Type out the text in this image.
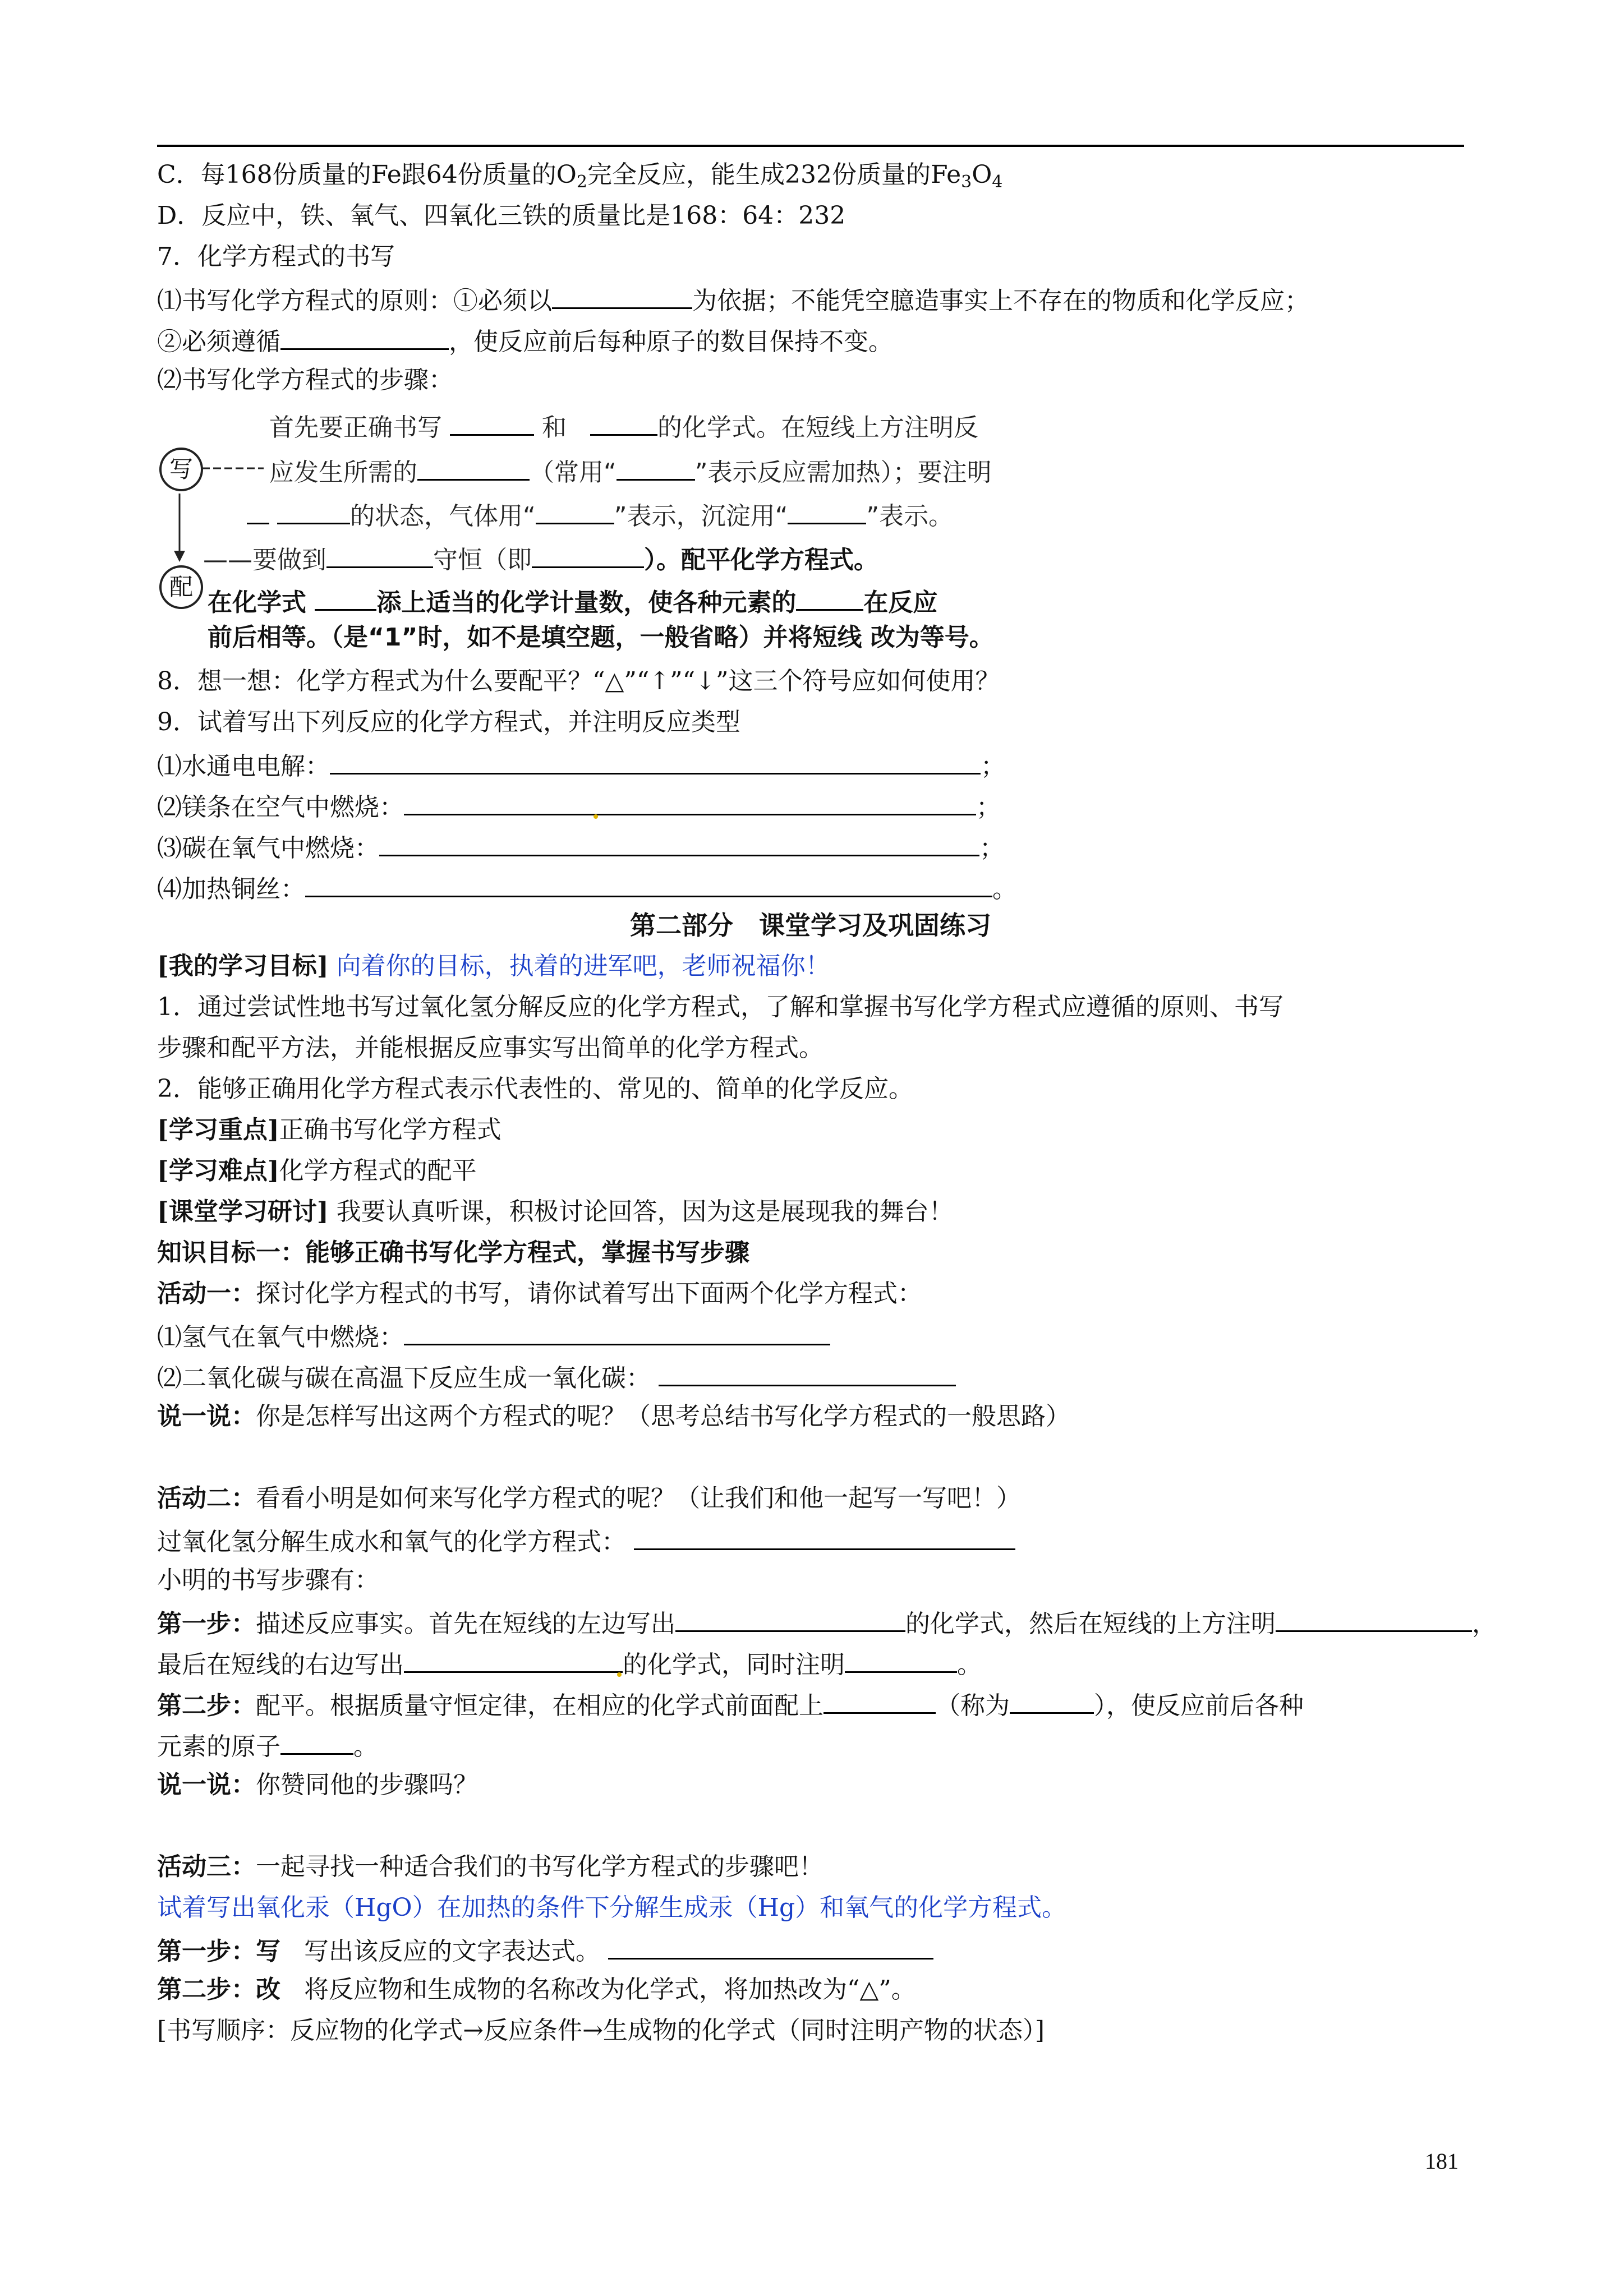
C．每168份质量的Fe跟64份质量的$O_2$完全反应，能生成232份质量的$Fe_3O_4$
D．反应中，铁、氧气、四氧化三铁的质量比是168：64：232
7．化学方程式的书写
⑴书写化学方程式的原则：①必须以	为依据；不能凭空臆造事实上不存在的物质和化学反应；
②必须遵循	，使反应前后每种原子的数目保持不变。
⑵书写化学方程式的步骤：
写
配
首先要正确书写	和	的化学式。在短线上方注明反
应发生所需的	（常用“	”表示反应需加热）；要注明
的状态，气体用“	”表示，沉淀用“	”表示。
——要做到	守恒（即	）。配平化学方程式。
在化学式	添上适当的化学计量数，使各种元素的	在反应
前后相等。（是“1”时，如不是填空题，一般省略）并将短线 改为等号。
8．想一想：化学方程式为什么要配平？“△”“↑”“↓”这三个符号应如何使用？
9．试着写出下列反应的化学方程式，并注明反应类型
⑴水通电电解：	；
⑵镁条在空气中燃烧：	；
⑶碳在氧气中燃烧：	；
⑷加热铜丝：	。
第二部分　课堂学习及巩固练习
[我的学习目标] 向着你的目标，执着的进军吧，老师祝福你！
1．通过尝试性地书写过氧化氢分解反应的化学方程式，了解和掌握书写化学方程式应遵循的原则、书写
步骤和配平方法，并能根据反应事实写出简单的化学方程式。
2．能够正确用化学方程式表示代表性的、常见的、简单的化学反应。
[学习重点]正确书写化学方程式
[学习难点]化学方程式的配平
[课堂学习研讨] 我要认真听课，积极讨论回答，因为这是展现我的舞台！
知识目标一：能够正确书写化学方程式，掌握书写步骤
活动一：探讨化学方程式的书写，请你试着写出下面两个化学方程式：
⑴氢气在氧气中燃烧：
⑵二氧化碳与碳在高温下反应生成一氧化碳：
说一说：你是怎样写出这两个方程式的呢？（思考总结书写化学方程式的一般思路）
活动二：看看小明是如何来写化学方程式的呢？（让我们和他一起写一写吧！）
过氧化氢分解生成水和氧气的化学方程式：
小明的书写步骤有：
第一步：描述反应事实。首先在短线的左边写出	的化学式，然后在短线的上方注明	，
最后在短线的右边写出	的化学式，同时注明	。
第二步：配平。根据质量守恒定律，在相应的化学式前面配上	（称为	），使反应前后各种
元素的原子	。
说一说：你赞同他的步骤吗？
活动三：一起寻找一种适合我们的书写化学方程式的步骤吧！
试着写出氧化汞（HgO）在加热的条件下分解生成汞（Hg）和氧气的化学方程式。
第一步：写 写出该反应的文字表达式。
第二步：改 将反应物和生成物的名称改为化学式，将加热改为“△”。
[书写顺序：反应物的化学式→反应条件→生成物的化学式（同时注明产物的状态）]
181
